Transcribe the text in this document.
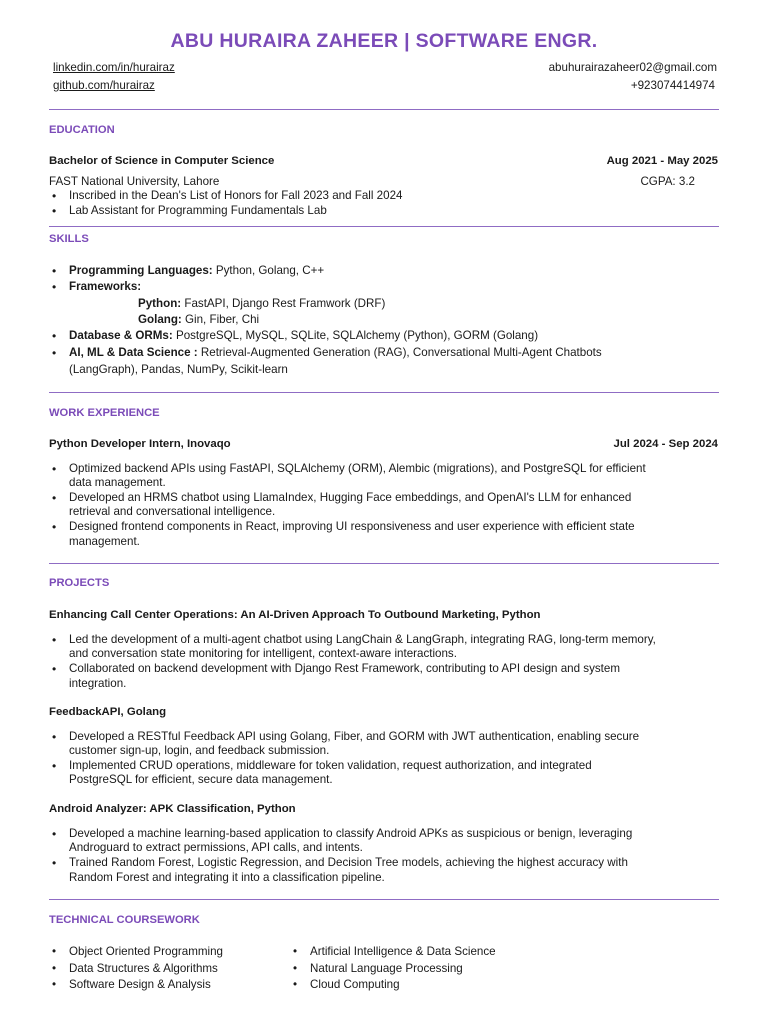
ABU HURAIRA ZAHEER | SOFTWARE ENGR.
linkedin.com/in/hurairaz
github.com/hurairaz
abuhurairazaheer02@gmail.com
+923074414974
EDUCATION
Bachelor of Science in Computer Science	Aug 2021 - May 2025
FAST National University, Lahore	CGPA: 3.2
Inscribed in the Dean's List of Honors for Fall 2023 and Fall 2024
Lab Assistant for Programming Fundamentals Lab
SKILLS
Programming Languages: Python, Golang, C++
Frameworks:
Python: FastAPI, Django Rest Framwork (DRF)
Golang: Gin, Fiber, Chi
Database & ORMs: PostgreSQL, MySQL, SQLite, SQLAlchemy (Python), GORM (Golang)
AI, ML & Data Science : Retrieval-Augmented Generation (RAG), Conversational Multi-Agent Chatbots
(LangGraph), Pandas, NumPy, Scikit-learn
WORK EXPERIENCE
Python Developer Intern, Inovaqo	Jul 2024 - Sep 2024
Optimized backend APIs using FastAPI, SQLAlchemy (ORM), Alembic (migrations), and PostgreSQL for efficient
data management.
Developed an HRMS chatbot using LlamaIndex, Hugging Face embeddings, and OpenAI's LLM for enhanced
retrieval and conversational intelligence.
Designed frontend components in React, improving UI responsiveness and user experience with efficient state
management.
PROJECTS
Enhancing Call Center Operations: An AI-Driven Approach To Outbound Marketing, Python
Led the development of a multi-agent chatbot using LangChain & LangGraph, integrating RAG, long-term memory,
and conversation state monitoring for intelligent, context-aware interactions.
Collaborated on backend development with Django Rest Framework, contributing to API design and system
integration.
FeedbackAPI, Golang
Developed a RESTful Feedback API using Golang, Fiber, and GORM with JWT authentication, enabling secure
customer sign-up, login, and feedback submission.
Implemented CRUD operations, middleware for token validation, request authorization, and integrated
PostgreSQL for efficient, secure data management.
Android Analyzer: APK Classification, Python
Developed a machine learning-based application to classify Android APKs as suspicious or benign, leveraging
Androguard to extract permissions, API calls, and intents.
Trained Random Forest, Logistic Regression, and Decision Tree models, achieving the highest accuracy with
Random Forest and integrating it into a classification pipeline.
TECHNICAL COURSEWORK
• Object Oriented Programming
• Data Structures & Algorithms
• Software Design & Analysis
• Artificial Intelligence & Data Science
• Natural Language Processing
• Cloud Computing
